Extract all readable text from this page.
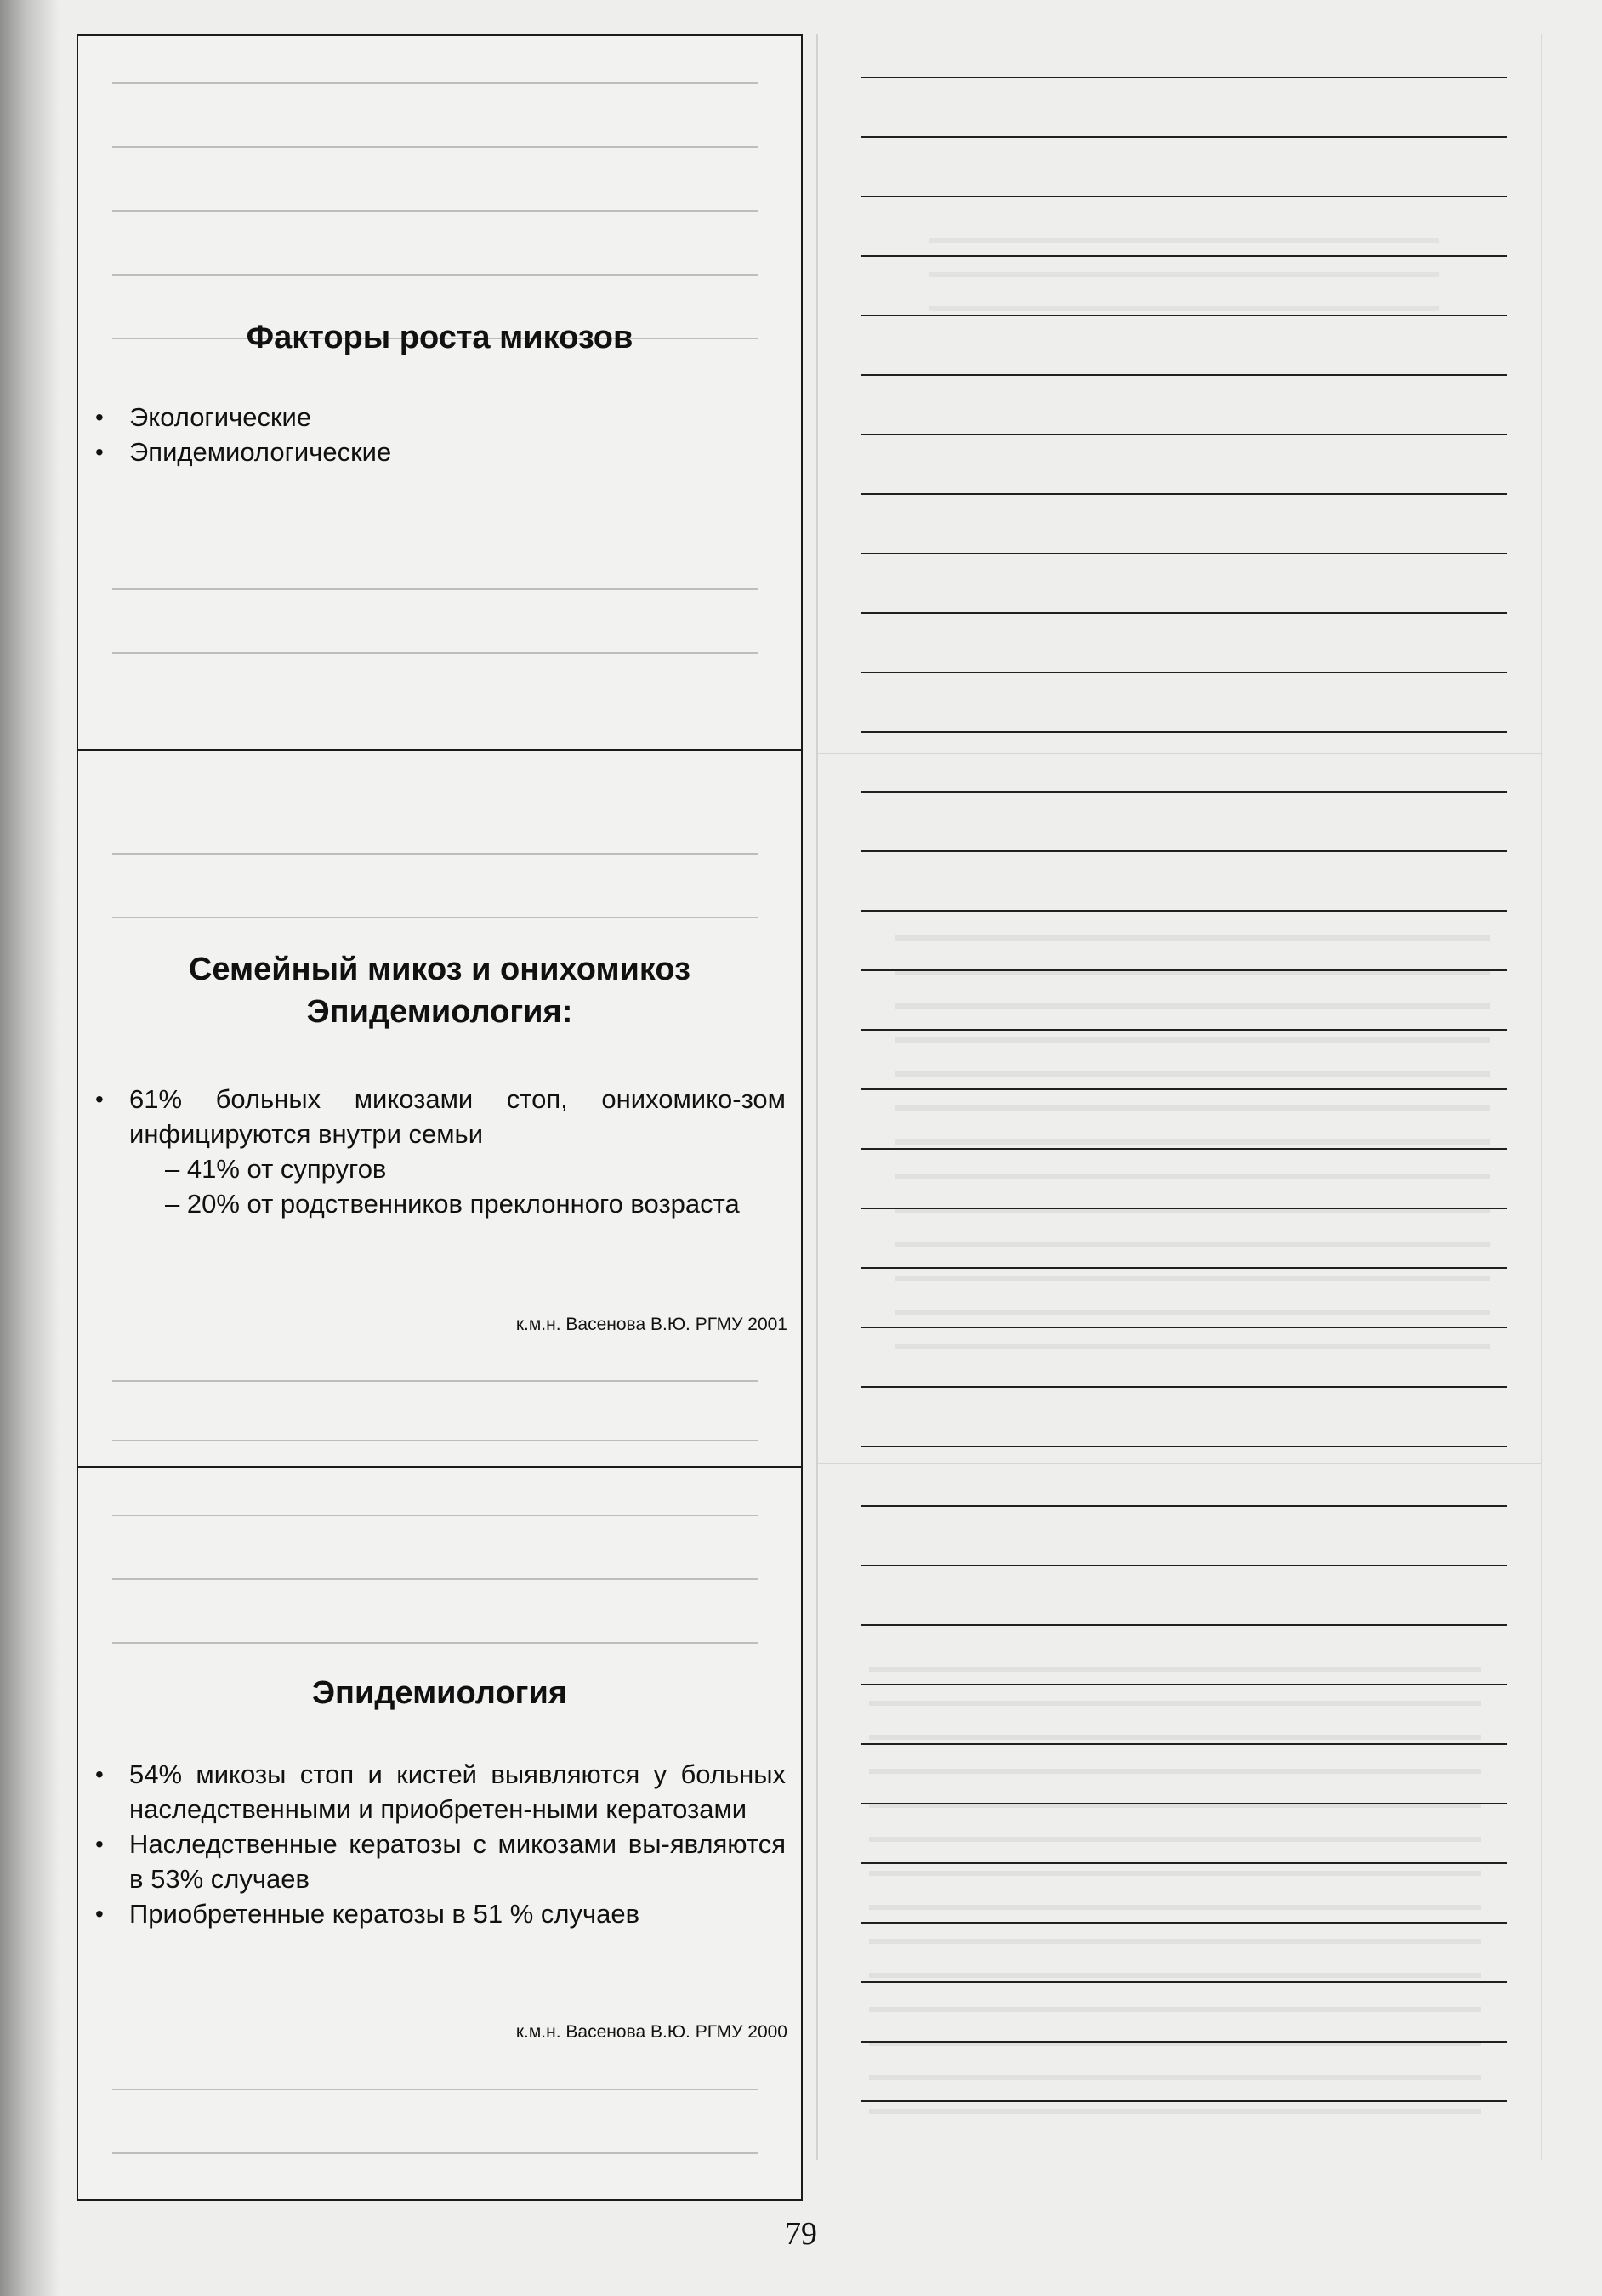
Факторы роста микозов
• Экологические
• Эпидемиологические
Семейный микоз и онихомикоз
Эпидемиология:
• 61% больных микозами стоп, онихомико-зом инфицируются внутри семьи
– 41% от супругов
– 20% от родственников преклонного возраста
к.м.н. Васенова В.Ю. РГМУ 2001
Эпидемиология
• 54% микозы стоп и кистей выявляются у больных наследственными и приобретен-ными кератозами
• Наследственные кератозы с микозами вы-являются в 53% случаев
• Приобретенные кератозы в 51 % случаев
к.м.н. Васенова В.Ю. РГМУ 2000
79
